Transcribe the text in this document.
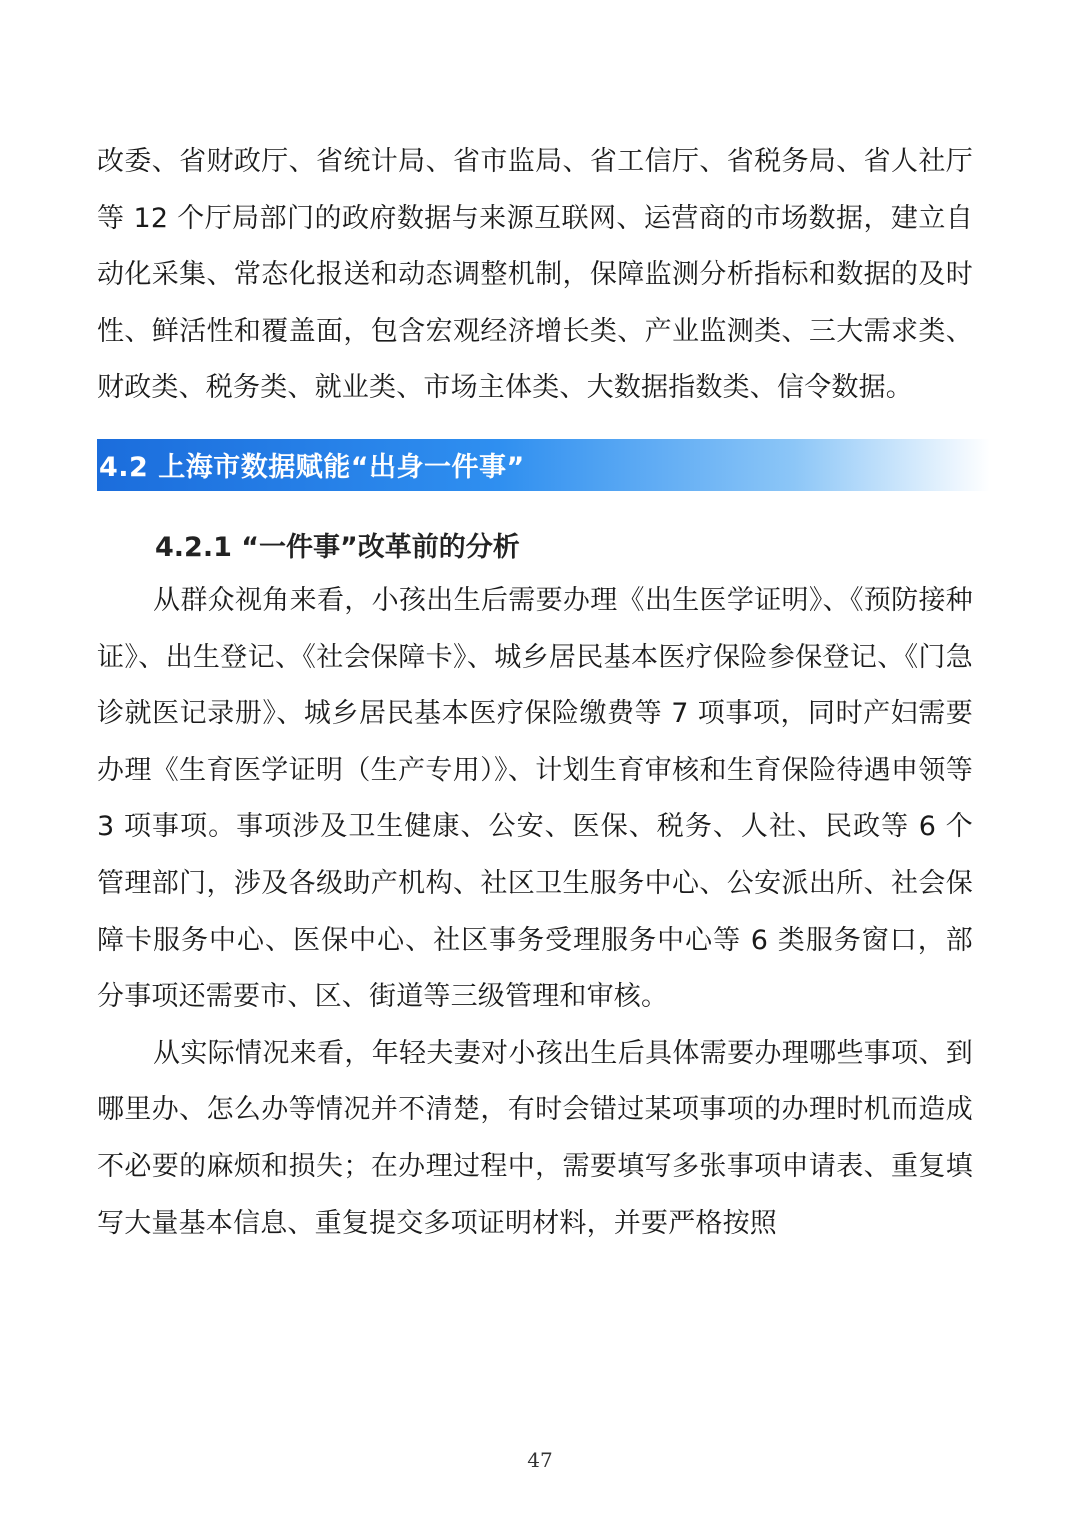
改委、省财政厅、省统计局、省市监局、省工信厅、省税务局、省人社厅等 12 个厅局部门的政府数据与来源互联网、运营商的市场数据，建立自动化采集、常态化报送和动态调整机制，保障监测分析指标和数据的及时性、鲜活性和覆盖面，包含宏观经济增长类、产业监测类、三大需求类、财政类、税务类、就业类、市场主体类、大数据指数类、信令数据。

4.2 上海市数据赋能“出身一件事”

4.2.1 “一件事”改革前的分析

从群众视角来看，小孩出生后需要办理《出生医学证明》、《预防接种证》、出生登记、《社会保障卡》、城乡居民基本医疗保险参保登记、《门急诊就医记录册》、城乡居民基本医疗保险缴费等 7 项事项，同时产妇需要办理《生育医学证明（生产专用）》、计划生育审核和生育保险待遇申领等 3 项事项。事项涉及卫生健康、公安、医保、税务、人社、民政等 6 个管理部门，涉及各级助产机构、社区卫生服务中心、公安派出所、社会保障卡服务中心、医保中心、社区事务受理服务中心等 6 类服务窗口，部分事项还需要市、区、街道等三级管理和审核。

从实际情况来看，年轻夫妻对小孩出生后具体需要办理哪些事项、到哪里办、怎么办等情况并不清楚，有时会错过某项事项的办理时机而造成不必要的麻烦和损失；在办理过程中，需要填写多张事项申请表、重复填写大量基本信息、重复提交多项证明材料，并要严格按照

47
